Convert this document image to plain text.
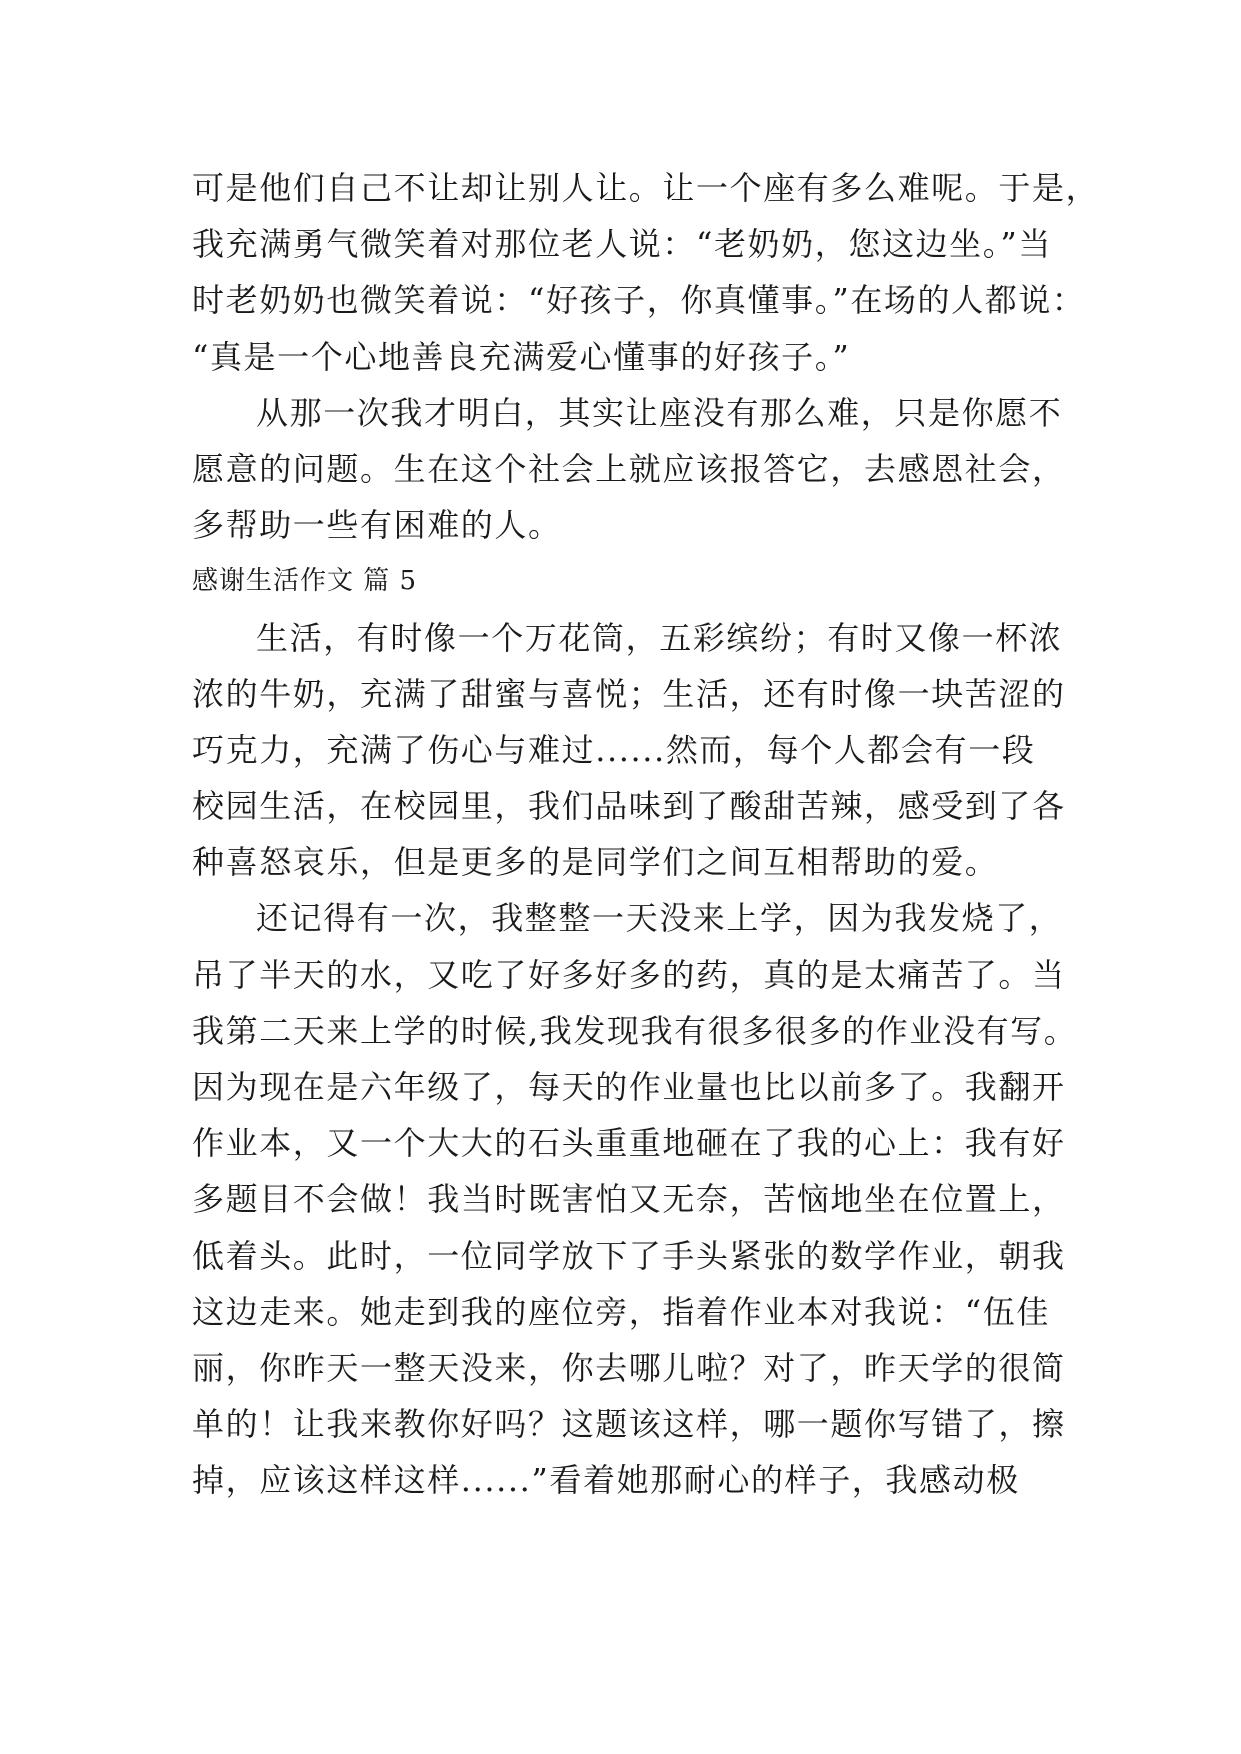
可是他们自己不让却让别人让。让一个座有多么难呢。于是，
我充满勇气微笑着对那位老人说：“老奶奶，您这边坐。”当
时老奶奶也微笑着说：“好孩子，你真懂事。”在场的人都说：
“真是一个心地善良充满爱心懂事的好孩子。”
从那一次我才明白，其实让座没有那么难，只是你愿不
愿意的问题。生在这个社会上就应该报答它，去感恩社会，
多帮助一些有困难的人。
感谢生活作文 篇 5
生活，有时像一个万花筒，五彩缤纷；有时又像一杯浓
浓的牛奶，充满了甜蜜与喜悦；生活，还有时像一块苦涩的
巧克力，充满了伤心与难过......然而，每个人都会有一段
校园生活，在校园里，我们品味到了酸甜苦辣，感受到了各
种喜怒哀乐，但是更多的是同学们之间互相帮助的爱。
还记得有一次，我整整一天没来上学，因为我发烧了，
吊了半天的水，又吃了好多好多的药，真的是太痛苦了。当
我第二天来上学的时候,我发现我有很多很多的作业没有写。
因为现在是六年级了，每天的作业量也比以前多了。我翻开
作业本，又一个大大的石头重重地砸在了我的心上：我有好
多题目不会做！我当时既害怕又无奈，苦恼地坐在位置上，
低着头。此时，一位同学放下了手头紧张的数学作业，朝我
这边走来。她走到我的座位旁，指着作业本对我说：“伍佳
丽，你昨天一整天没来，你去哪儿啦？对了，昨天学的很简
单的！让我来教你好吗？这题该这样，哪一题你写错了，擦
掉，应该这样这样......”看着她那耐心的样子，我感动极
